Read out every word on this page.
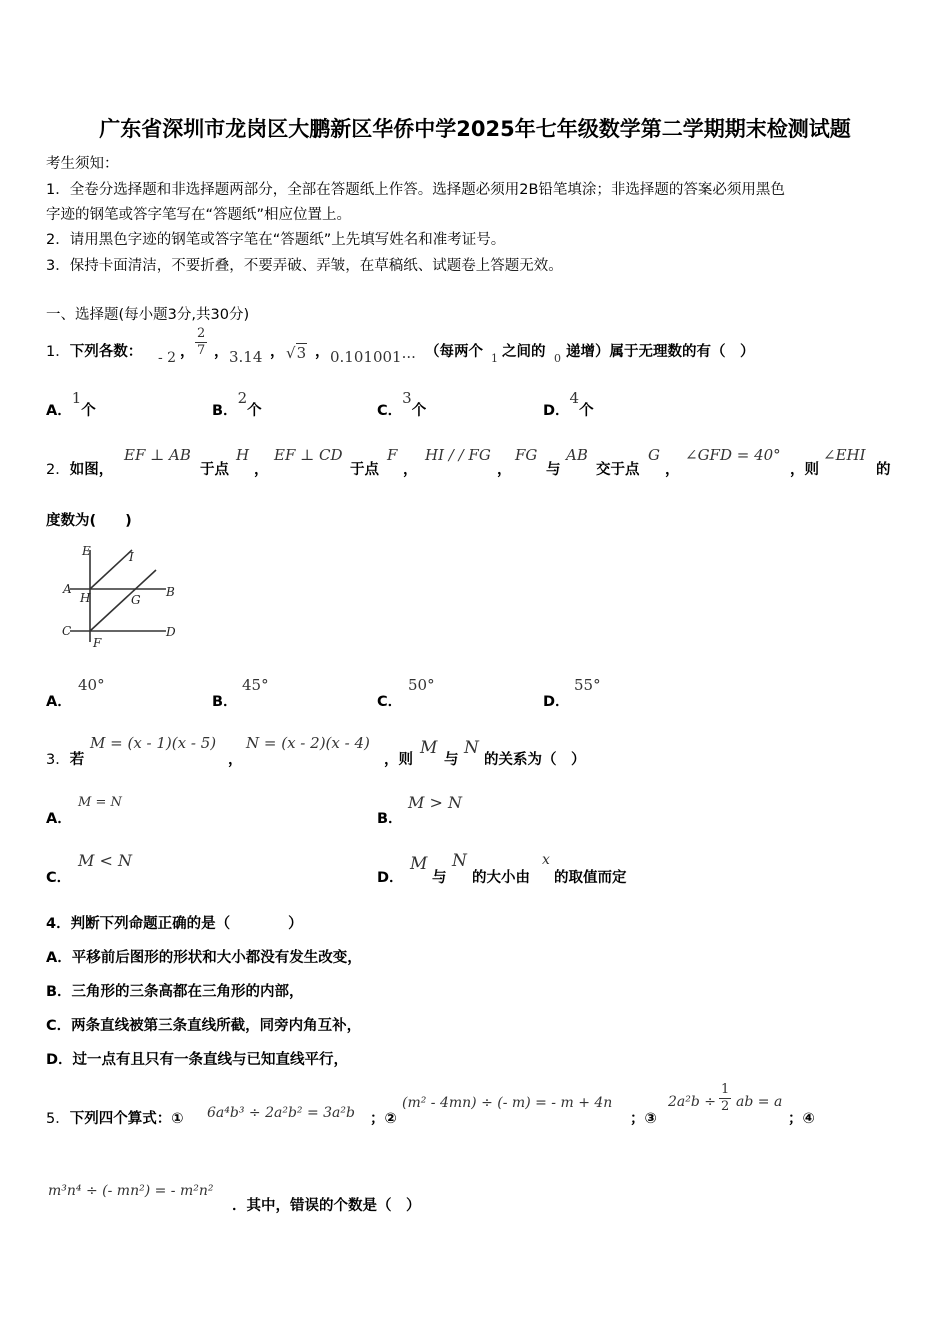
广东省深圳市龙岗区大鹏新区华侨中学2025年七年级数学第二学期期末检测试题
考生须知：
1．全卷分选择题和非选择题两部分，全部在答题纸上作答。选择题必须用2B铅笔填涂；非选择题的答案必须用黑色
字迹的钢笔或答字笔写在“答题纸”相应位置上。
2．请用黑色字迹的钢笔或答字笔在“答题纸”上先填写姓名和准考证号。
3．保持卡面清洁，不要折叠，不要弄破、弄皱，在草稿纸、试题卷上答题无效。
一、选择题(每小题3分,共30分)
1．下列各数： - 2 ， $\frac{2}{7}$ ， 3.14 ， √3 ， 0.101001··· （每两个 1 之间的 0 递增）属于无理数的有（　）
A．1个	B．2个	C．3个	D．4个
2．如图，
EF ⊥ AB
于点
H
，
EF ⊥ CD
于点
F
，
HI / / FG
，
FG
与
AB
交于点
G
，
∠GFD = 40°
，则
∠EHI
的
度数为(　　)
E	I
A	B
H	G
C	D
F
A．
40°
B．
45°
C．
50°
D．
55°
3．若
M = (x - 1)(x - 5)
，
N = (x - 2)(x - 4)
，则
M
与
N
的关系为（　）
A．
M = N
B．
M > N
C．
M < N
D．
M
与
N
的大小由
x
的取值而定
4．判断下列命题正确的是（　　　　）
A．平移前后图形的形状和大小都没有发生改变，
B．三角形的三条高都在三角形的内部，
C．两条直线被第三条直线所截，同旁内角互补，
D．过一点有且只有一条直线与已知直线平行，
5．下列四个算式：① 6a⁴b³ ÷ 2a²b² = 3a²b ；②
(m² - 4mn) ÷ (- m) = - m + 4n
；③
$2a^2b \div \frac{1}{2}$ ab = a
；④
m³n⁴ ÷ (- mn²) = - m²n²
．其中，错误的个数是（　）
